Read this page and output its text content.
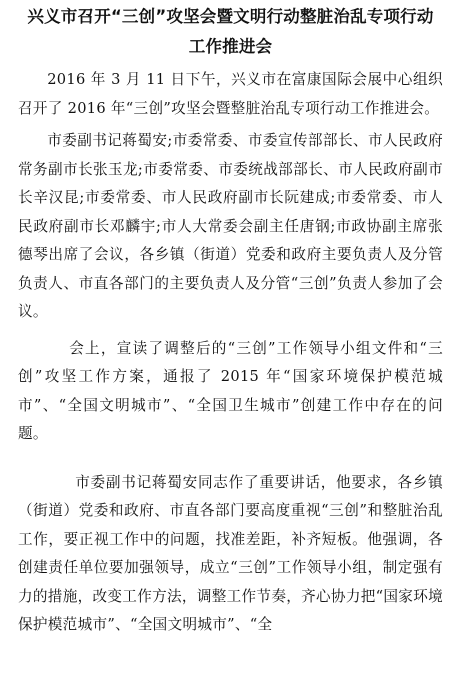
兴义市召开“三创”攻坚会暨文明行动整脏治乱专项行动
工作推进会

2016 年 3 月 11 日下午，兴义市在富康国际会展中心组织召开了 2016 年“三创”攻坚会暨整脏治乱专项行动工作推进会。

市委副书记蒋蜀安;市委常委、市委宣传部部长、市人民政府常务副市长张玉龙;市委常委、市委统战部部长、市人民政府副市长辛汉昆;市委常委、市人民政府副市长阮建成;市委常委、市人民政府副市长邓麟宇;市人大常委会副主任唐钢;市政协副主席张德琴出席了会议，各乡镇（街道）党委和政府主要负责人及分管负责人、市直各部门的主要负责人及分管“三创”负责人参加了会议。

会上，宣读了调整后的“三创”工作领导小组文件和“三创”攻坚工作方案，通报了 2015 年“国家环境保护模范城市”、“全国文明城市”、“全国卫生城市”创建工作中存在的问题。

市委副书记蒋蜀安同志作了重要讲话，他要求，各乡镇（街道）党委和政府、市直各部门要高度重视“三创”和整脏治乱工作，要正视工作中的问题，找准差距，补齐短板。他强调，各创建责任单位要加强领导，成立“三创”工作领导小组，制定强有力的措施，改变工作方法，调整工作节奏，齐心协力把“国家环境保护模范城市”、“全国文明城市”、“全
